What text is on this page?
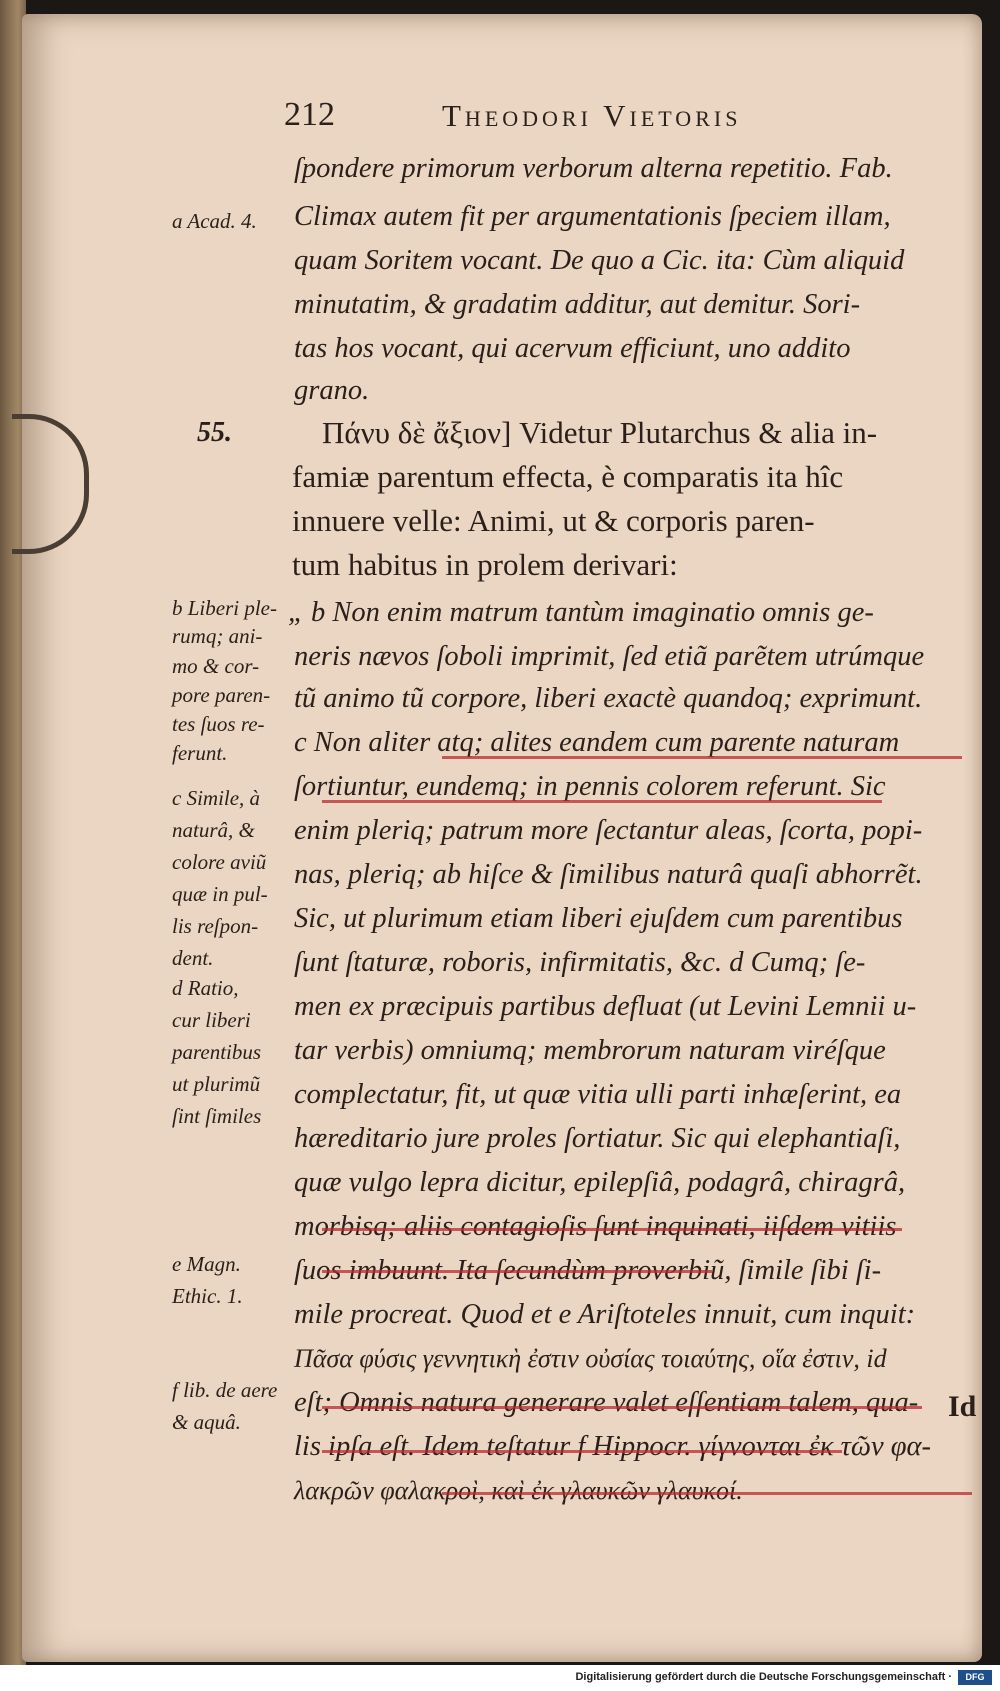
212	Theodori Vietoris
ſpondere primorum verborum alterna repetitio. Fab.
Climax autem fit per argumentationis ſpeciem illam,
quam Soritem vocant. De quo a Cic. ita: Cùm aliquid
minutatim, & gradatim additur, aut demitur. Sori-
tas hos vocant, qui acervum efficiunt, uno addito
grano.
Πάνυ δὲ ἄξιον] Videtur Plutarchus & alia in-
famiæ parentum effecta, è comparatis ita hîc
innuere velle: Animi, ut & corporis paren-
tum habitus in prolem derivari:
„ b Non enim matrum tantùm imaginatio omnis ge-
neris nævos ſoboli imprimit, ſed etiã parẽtem utrúmque
tũ animo tũ corpore, liberi exactè quandoq; exprimunt.
c Non aliter atq; alites eandem cum parente naturam
ſortiuntur, eundemq; in pennis colorem referunt. Sic
enim pleriq; patrum more ſectantur aleas, ſcorta, popi-
nas, pleriq; ab hiſce & ſimilibus naturâ quaſi abhorrẽt.
Sic, ut plurimum etiam liberi ejuſdem cum parentibus
ſunt ſtaturæ, roboris, infirmitatis, &c. d Cumq; ſe-
men ex præcipuis partibus defluat (ut Levini Lemnii u-
tar verbis) omniumq; membrorum naturam viréſque
complectatur, fit, ut quæ vitia ulli parti inhæſerint, ea
hæreditario jure proles ſortiatur. Sic qui elephantiaſi,
quæ vulgo lepra dicitur, epilepſiâ, podagrâ, chiragrâ,
morbisq; aliis contagioſis ſunt inquinati, iiſdem vitiis
ſuos imbuunt. Ita ſecundùm proverbiũ, ſimile ſibi ſi-
mile procreat. Quod et e Ariſtoteles innuit, cum inquit:
Πᾶσα φύσις γεννητικὴ ἐστιν οὐσίας τοιαύτης, οἵα ἐστιν, id
eſt; Omnis natura generare valet eſſentiam talem, qua-
lis ipſa eſt. Idem teſtatur f Hippocr. γίγνονται ἐκ τῶν φα-
λακρῶν φαλακροὶ, καὶ ἐκ γλαυκῶν γλαυκοί.
a Acad. 4.
55.
b Liberi ple-
rumq; ani-
mo & cor-
pore paren-
tes ſuos re-
ferunt.
c Simile, à
naturâ, &
colore aviũ
quæ in pul-
lis reſpon-
dent.
d Ratio,
cur liberi
parentibus
ut plurimũ
ſint ſimiles
e Magn.
Ethic. 1.
f lib. de aere
& aquâ.	Id
Digitalisierung gefördert durch die Deutsche Forschungsgemeinschaft ·	DFG
